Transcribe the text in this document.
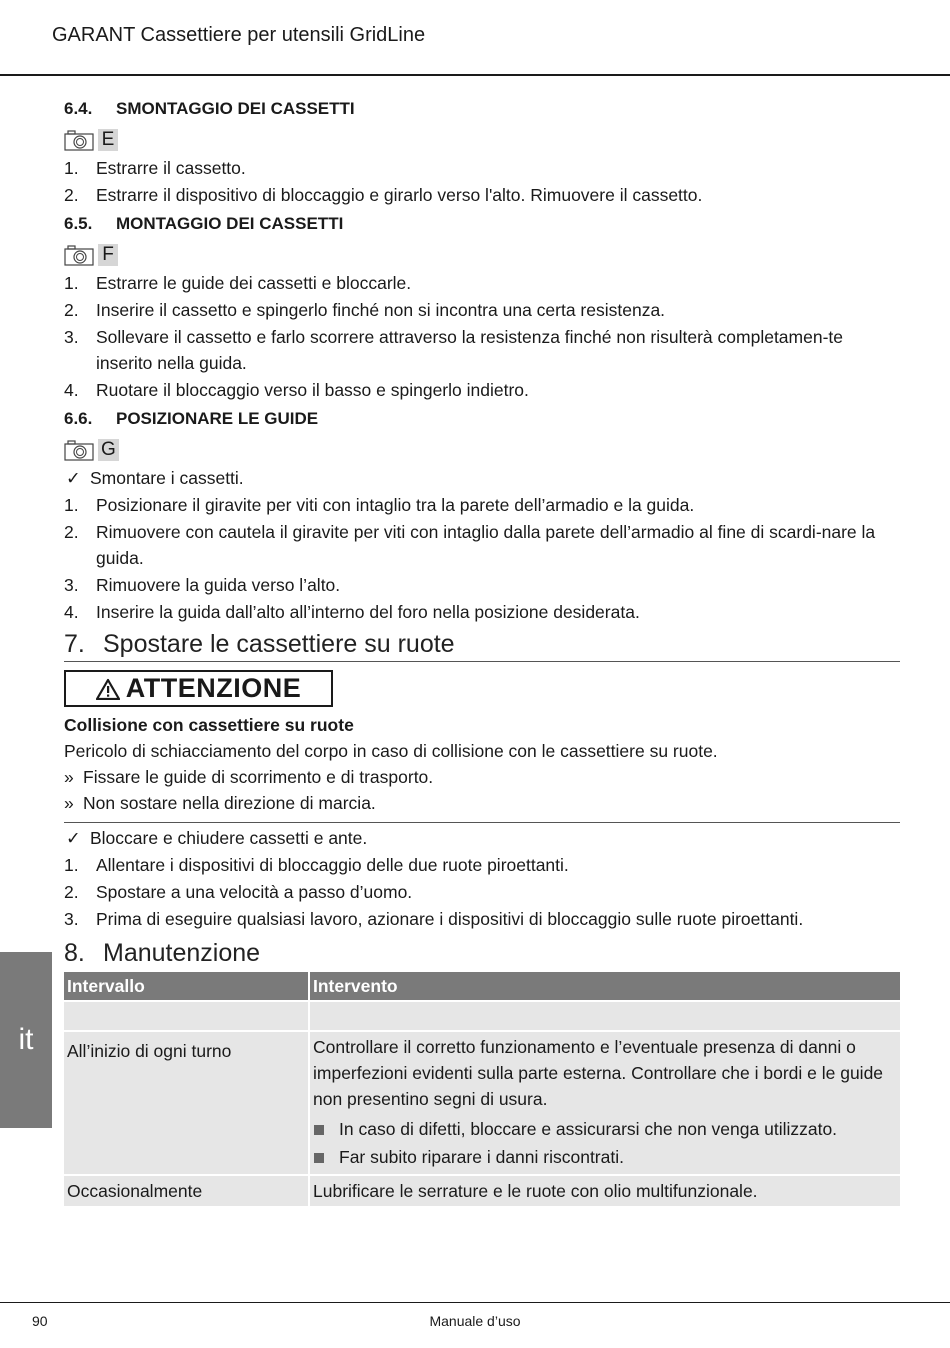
GARANT Cassettiere per utensili GridLine
6.4.	SMONTAGGIO DEI CASSETTI
E
1. Estrarre il cassetto.
2. Estrarre il dispositivo di bloccaggio e girarlo verso l'alto. Rimuovere il cassetto.
6.5.	MONTAGGIO DEI CASSETTI
F
1. Estrarre le guide dei cassetti e bloccarle.
2. Inserire il cassetto e spingerlo finché non si incontra una certa resistenza.
3. Sollevare il cassetto e farlo scorrere attraverso la resistenza finché non risulterà completamen-te inserito nella guida.
4. Ruotare il bloccaggio verso il basso e spingerlo indietro.
6.6.	POSIZIONARE LE GUIDE
G
✓ Smontare i cassetti.
1. Posizionare il giravite per viti con intaglio tra la parete dell’armadio e la guida.
2. Rimuovere con cautela il giravite per viti con intaglio dalla parete dell’armadio al fine di scardi-nare la guida.
3. Rimuovere la guida verso l’alto.
4. Inserire la guida dall’alto all’interno del foro nella posizione desiderata.
7. Spostare le cassettiere su ruote
ATTENZIONE
Collisione con cassettiere su ruote
Pericolo di schiacciamento del corpo in caso di collisione con le cassettiere su ruote.
» Fissare le guide di scorrimento e di trasporto.
» Non sostare nella direzione di marcia.
✓ Bloccare e chiudere cassetti e ante.
1. Allentare i dispositivi di bloccaggio delle due ruote piroettanti.
2. Spostare a una velocità a passo d’uomo.
3. Prima di eseguire qualsiasi lavoro, azionare i dispositivi di bloccaggio sulle ruote piroettanti.
8. Manutenzione
Intervallo	Intervento

All’inizio di ogni turno	Controllare il corretto funzionamento e l’eventuale presenza di danni o imperfezioni evidenti sulla parte esterna. Controllare che i bordi e le guide non presentino segni di usura.
In caso di difetti, bloccare e assicurarsi che non venga utilizzato.
Far subito riparare i danni riscontrati.

Occasionalmente	Lubrificare le serrature e le ruote con olio multifunzionale.
it
90	Manuale d’uso
